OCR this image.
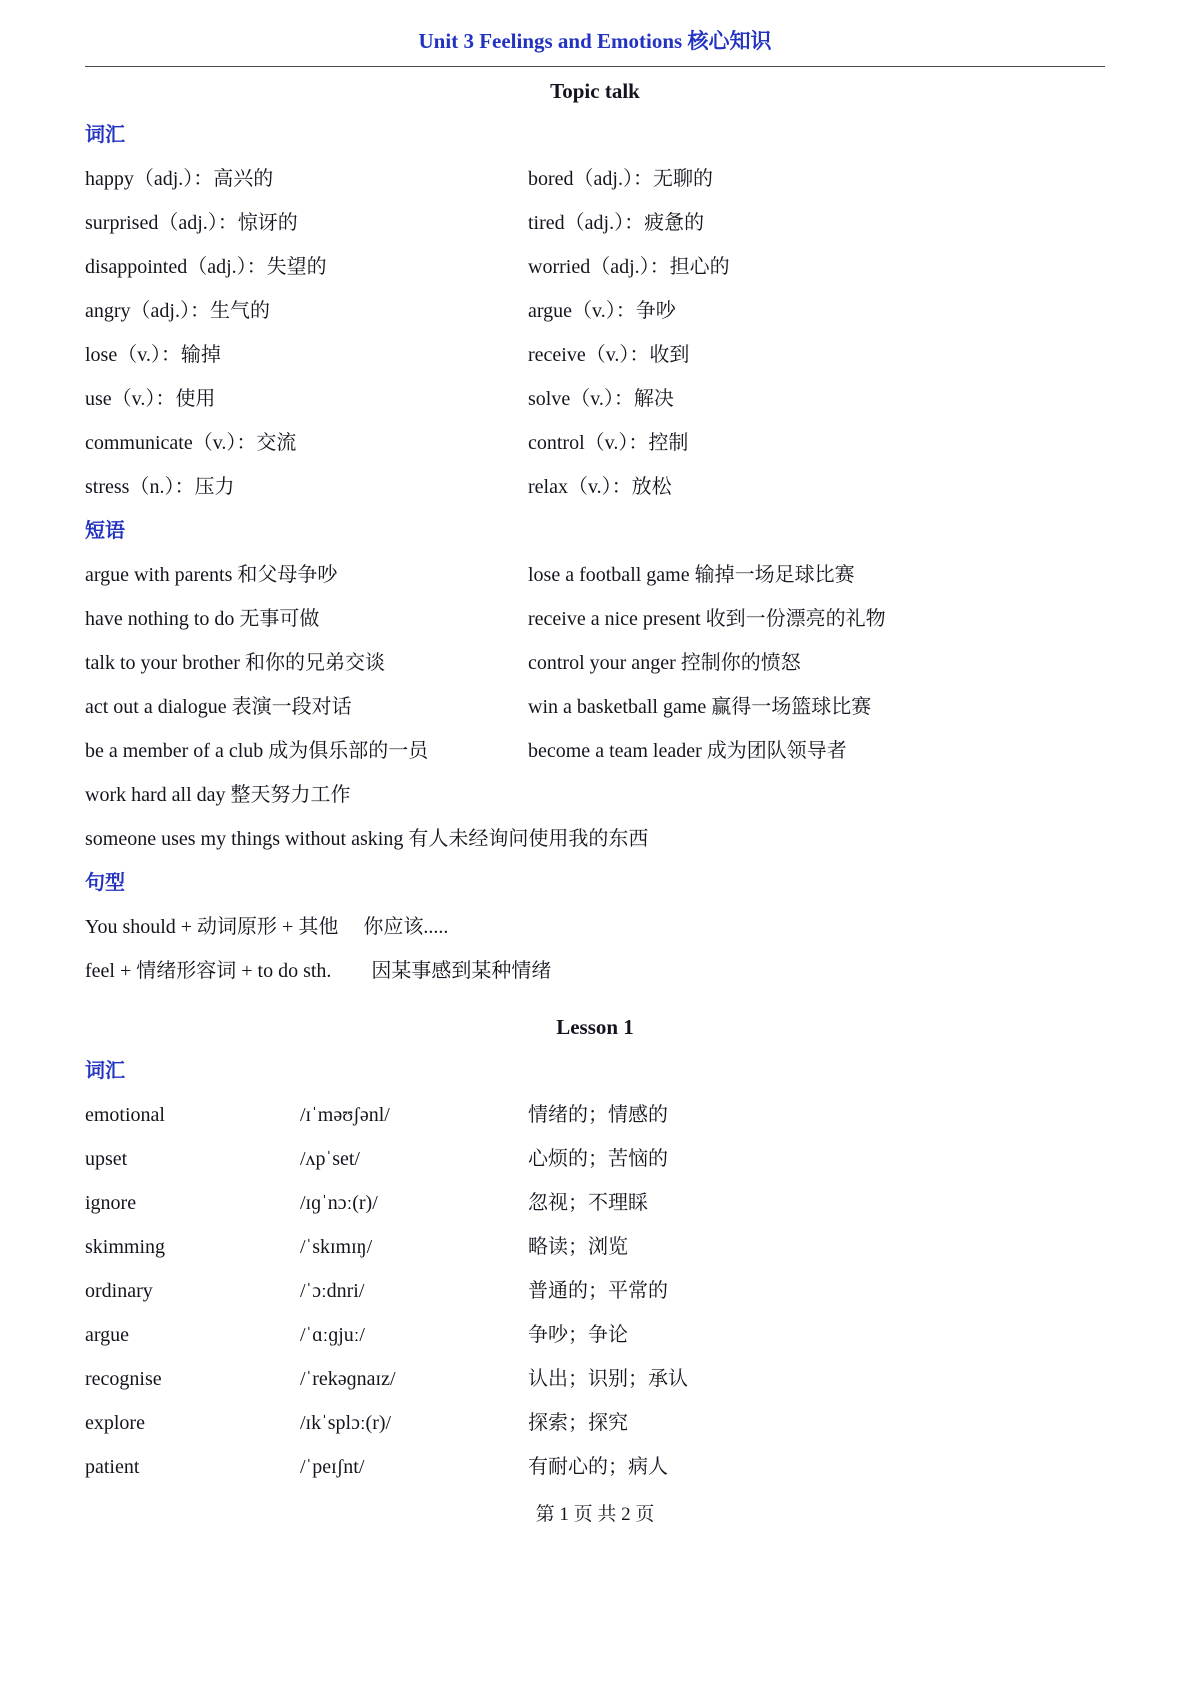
Unit 3 Feelings and Emotions 核心知识
Topic talk
词汇
happy（adj.）：高兴的	bored（adj.）：无聊的
surprised（adj.）：惊讶的	tired（adj.）：疲惫的
disappointed（adj.）：失望的	worried（adj.）：担心的
angry（adj.）：生气的	argue（v.）：争吵
lose（v.）：输掉	receive（v.）：收到
use（v.）：使用	solve（v.）：解决
communicate（v.）：交流	control（v.）：控制
stress（n.）：压力	relax（v.）：放松
短语
argue with parents 和父母争吵	lose a football game 输掉一场足球比赛
have nothing to do 无事可做	receive a nice present 收到一份漂亮的礼物
talk to your brother 和你的兄弟交谈	control your anger 控制你的愤怒
act out a dialogue 表演一段对话	win a basketball game 赢得一场篮球比赛
be a member of a club 成为俱乐部的一员	become a team leader 成为团队领导者
work hard all day 整天努力工作
someone uses my things without asking 有人未经询问使用我的东西
句型
You should + 动词原形 + 其他　 你应该.....
feel + 情绪形容词 + to do sth.　　因某事感到某种情绪
Lesson 1
词汇
emotional	/ɪˈməʊʃənl/	情绪的；情感的
upset	/ʌpˈset/	心烦的；苦恼的
ignore	/ɪɡˈnɔː(r)/	忽视；不理睬
skimming	/ˈskɪmɪŋ/	略读；浏览
ordinary	/ˈɔːdnri/	普通的；平常的
argue	/ˈɑːɡjuː/	争吵；争论
recognise	/ˈrekəɡnaɪz/	认出；识别；承认
explore	/ɪkˈsplɔː(r)/	探索；探究
patient	/ˈpeɪʃnt/	有耐心的；病人
第 1 页 共 2 页
